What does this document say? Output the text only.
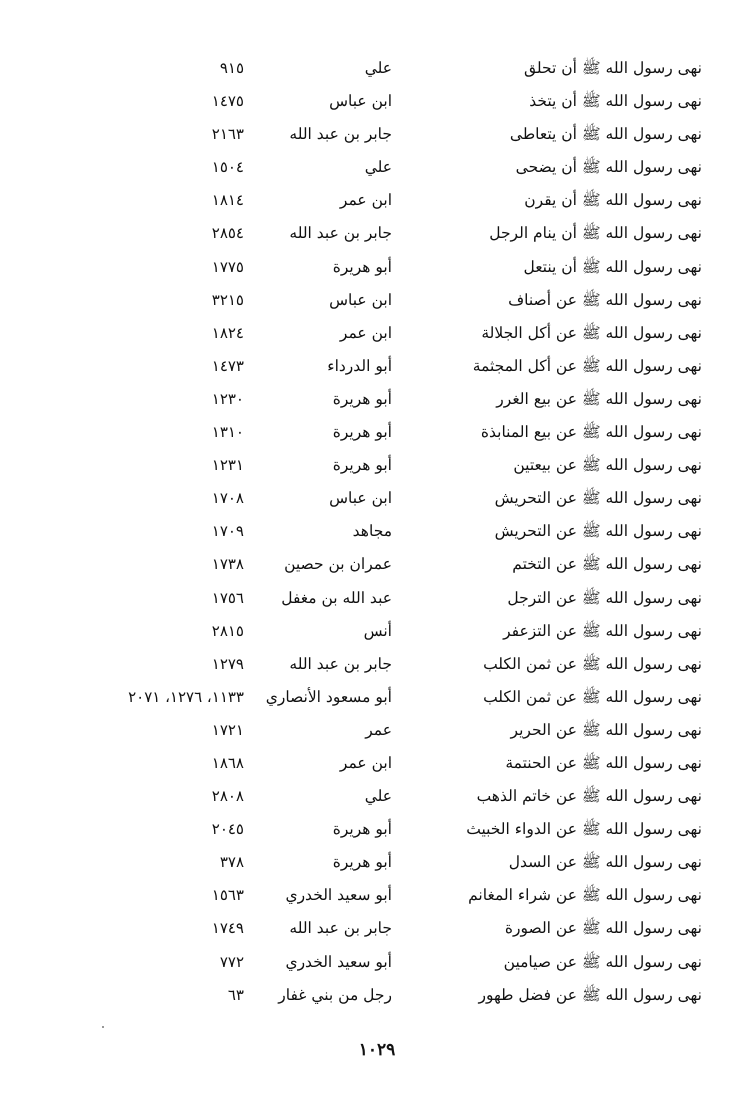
نهى رسول الله ﷺ أن تحلق
علي
٩١٥
نهى رسول الله ﷺ أن يتخذ
ابن عباس
١٤٧٥
نهى رسول الله ﷺ أن يتعاطى
جابر بن عبد الله
٢١٦٣
نهى رسول الله ﷺ أن يضحى
علي
١٥٠٤
نهى رسول الله ﷺ أن يقرن
ابن عمر
١٨١٤
نهى رسول الله ﷺ أن ينام الرجل
جابر بن عبد الله
٢٨٥٤
نهى رسول الله ﷺ أن ينتعل
أبو هريرة
١٧٧٥
نهى رسول الله ﷺ عن أصناف
ابن عباس
٣٢١٥
نهى رسول الله ﷺ عن أكل الجلالة
ابن عمر
١٨٢٤
نهى رسول الله ﷺ عن أكل المجثمة
أبو الدرداء
١٤٧٣
نهى رسول الله ﷺ عن بيع الغرر
أبو هريرة
١٢٣٠
نهى رسول الله ﷺ عن بيع المنابذة
أبو هريرة
١٣١٠
نهى رسول الله ﷺ عن بيعتين
أبو هريرة
١٢٣١
نهى رسول الله ﷺ عن التحريش
ابن عباس
١٧٠٨
نهى رسول الله ﷺ عن التحريش
مجاهد
١٧٠٩
نهى رسول الله ﷺ عن التختم
عمران بن حصين
١٧٣٨
نهى رسول الله ﷺ عن الترجل
عبد الله بن مغفل
١٧٥٦
نهى رسول الله ﷺ عن التزعفر
أنس
٢٨١٥
نهى رسول الله ﷺ عن ثمن الكلب
جابر بن عبد الله
١٢٧٩
نهى رسول الله ﷺ عن ثمن الكلب
أبو مسعود الأنصاري
١١٣٣، ١٢٧٦، ٢٠٧١
نهى رسول الله ﷺ عن الحرير
عمر
١٧٢١
نهى رسول الله ﷺ عن الحنتمة
ابن عمر
١٨٦٨
نهى رسول الله ﷺ عن خاتم الذهب
علي
٢٨٠٨
نهى رسول الله ﷺ عن الدواء الخبيث
أبو هريرة
٢٠٤٥
نهى رسول الله ﷺ عن السدل
أبو هريرة
٣٧٨
نهى رسول الله ﷺ عن شراء المغانم
أبو سعيد الخدري
١٥٦٣
نهى رسول الله ﷺ عن الصورة
جابر بن عبد الله
١٧٤٩
نهى رسول الله ﷺ عن صيامين
أبو سعيد الخدري
٧٧٢
نهى رسول الله ﷺ عن فضل طهور
رجل من بني غفار
٦٣
١٠٢٩
